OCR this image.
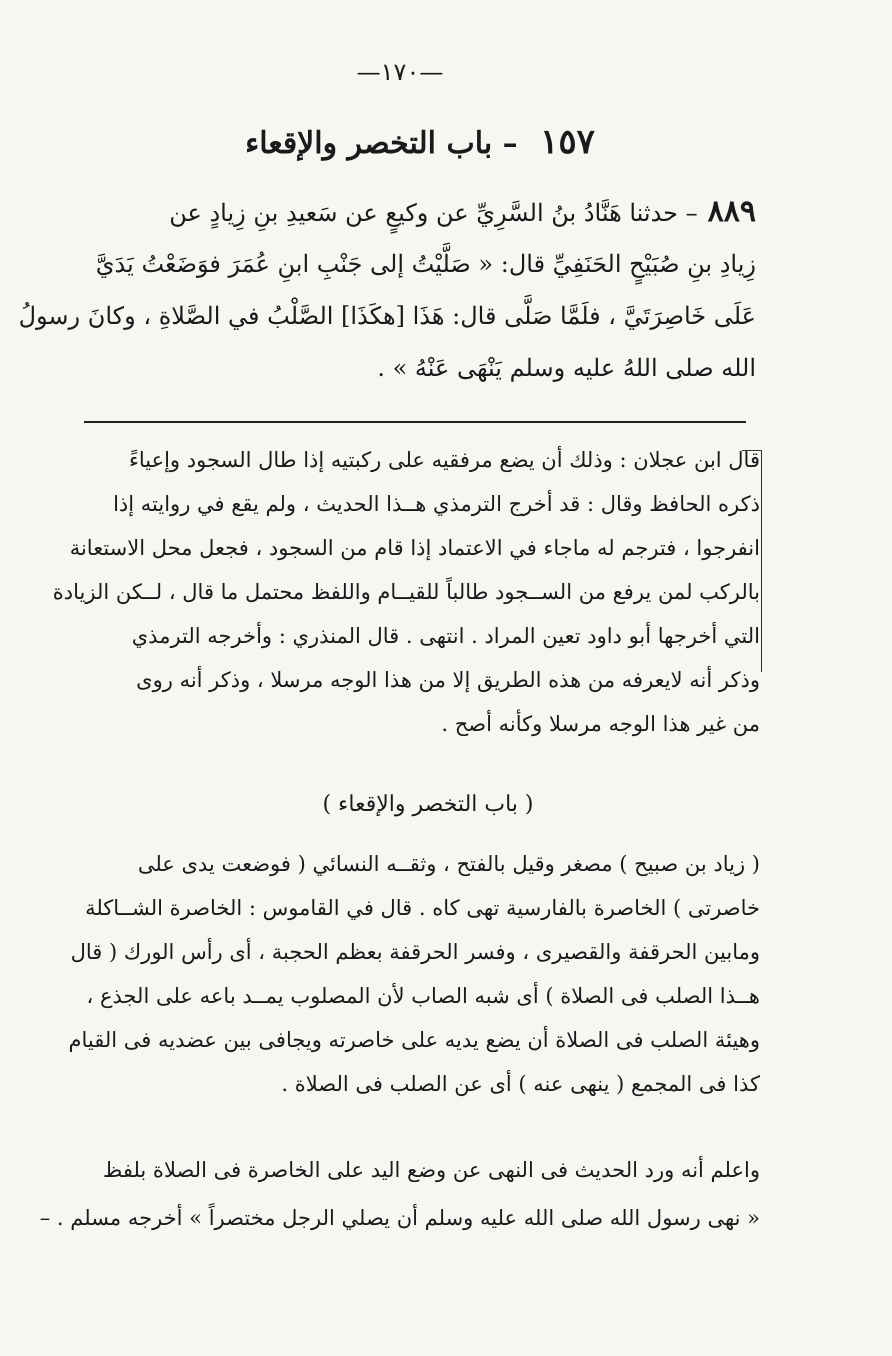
—١٧٠—
١٥٧ – باب التخصر والإقعاء
٨٨٩– حدثنا هَنَّادُ بنُ السَّرِيِّ عن وكيعٍ عن سَعيدِ بنِ زِيادٍ عن
زِيادِ بنِ صُبَيْحٍ الحَنَفِيِّ قال: « صَلَّيْتُ إلى جَنْبِ ابنِ عُمَرَ فوَضَعْتُ يَدَيَّ
عَلَى خَاصِرَتَيَّ ، فلَمَّا صَلَّى قال: هَذَا [هكَذَا] الصَّلْبُ في الصَّلاةِ ، وكانَ رسولُ
الله صلى اللهُ عليه وسلم يَنْهَى عَنْهُ » .
قال ابن عجلان : وذلك أن يضع مرفقيه على ركبتيه إذا طال السجود وإعياءً
ذكره الحافظ وقال : قد أخرج الترمذي هــذا الحديث ، ولم يقع في روايته إذا
انفرجوا ، فترجم له ماجاء في الاعتماد إذا قام من السجود ، فجعل محل الاستعانة
بالركب لمن يرفع من الســجود طالباً للقيــام واللفظ محتمل ما قال ، لــكن الزيادة
التي أخرجها أبو داود تعين المراد . انتهى . قال المنذري : وأخرجه الترمذي
وذكر أنه لايعرفه من هذه الطريق إلا من هذا الوجه مرسلا ، وذكر أنه روى
من غير هذا الوجه مرسلا وكأنه أصح .
( باب التخصر والإقعاء )
( زياد بن صبيح ) مصغر وقيل بالفتح ، وثقــه النسائي ( فوضعت يدى على
خاصرتى ) الخاصرة بالفارسية تهى كاه . قال في القاموس : الخاصرة الشــاكلة
ومابين الحرقفة والقصيرى ، وفسر الحرقفة بعظم الحجبة ، أى رأس الورك ( قال
هــذا الصلب فى الصلاة ) أى شبه الصاب لأن المصلوب يمــد باعه على الجذع ،
وهيئة الصلب فى الصلاة أن يضع يديه على خاصرته ويجافى بين عضديه فى القيام
كذا فى المجمع ( ينهى عنه ) أى عن الصلب فى الصلاة .
واعلم أنه ورد الحديث فى النهى عن وضع اليد على الخاصرة فى الصلاة بلفظ
« نهى رسول الله صلى الله عليه وسلم أن يصلي الرجل مختصراً » أخرجه مسلم . –
